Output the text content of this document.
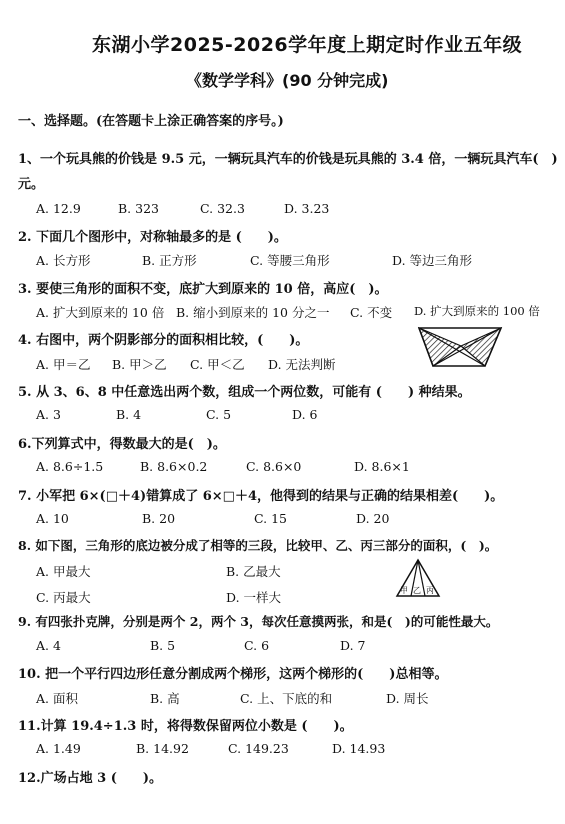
东湖小学2025-2026学年度上期定时作业五年级
《数学学科》(90 分钟完成)
一、选择题。(在答题卡上涂正确答案的序号。)
1、一个玩具熊的价钱是 9.5 元，一辆玩具汽车的价钱是玩具熊的 3.4 倍，一辆玩具汽车(　)
元。
A. 12.9	B. 323	C. 32.3	D. 3.23
2. 下面几个图形中，对称轴最多的是 (　　)。
A. 长方形	B. 正方形	C. 等腰三角形	D. 等边三角形
3. 要使三角形的面积不变，底扩大到原来的 10 倍，高应(　)。
A. 扩大到原来的 10 倍 B. 缩小到原来的 10 分之一 C. 不变 D. 扩大到原来的 100 倍
4. 右图中，两个阴影部分的面积相比较，(　　)。
A. 甲＝乙 B. 甲＞乙 C. 甲＜乙 D. 无法判断
5. 从 3、6、8 中任意选出两个数，组成一个两位数，可能有 (　　) 种结果。
A. 3	B. 4	C. 5	D. 6
6.下列算式中，得数最大的是(　)。
A. 8.6÷1.5	B. 8.6×0.2	C. 8.6×0	D. 8.6×1
7. 小军把 6×(□＋4)错算成了 6×□＋4，他得到的结果与正确的结果相差(　　)。
A. 10	B. 20	C. 15	D. 20
8. 如下图，三角形的底边被分成了相等的三段，比较甲、乙、丙三部分的面积，(　)。
A. 甲最大	B. 乙最大
C. 丙最大	D. 一样大	甲 乙 丙
9. 有四张扑克牌，分别是两个 2，两个 3，每次任意摸两张，和是(　)的可能性最大。
A. 4	B. 5	C. 6	D. 7
10. 把一个平行四边形任意分割成两个梯形，这两个梯形的(　　)总相等。
A. 面积	B. 高	C. 上、下底的和	D. 周长
11.计算 19.4÷1.3 时，将得数保留两位小数是 (　　)。
A. 1.49	B. 14.92	C. 149.23	D. 14.93
12.广场占地 3 (　　)。
